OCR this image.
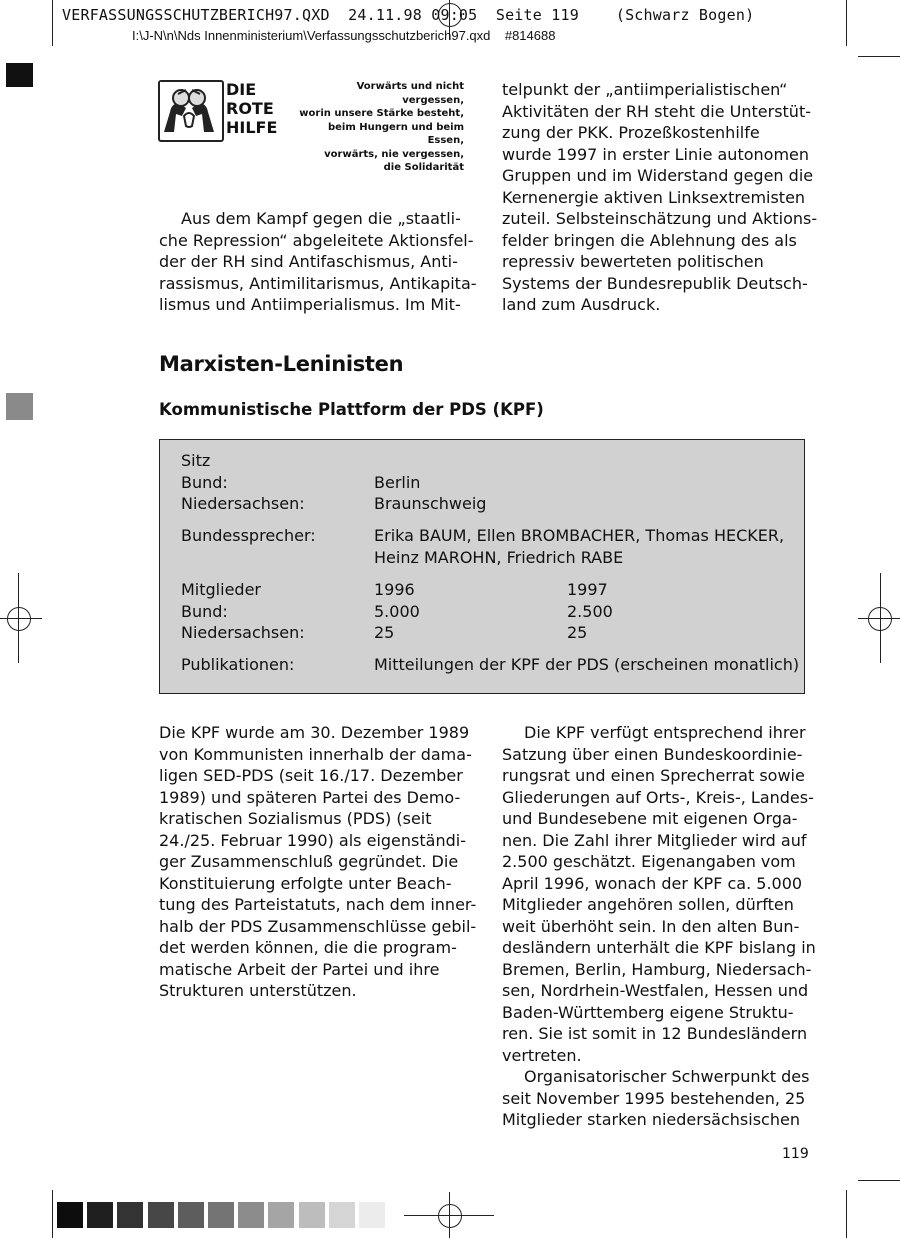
VERFASSUNGSSCHUTZBERICH97.QXD  24.11.98 09:05  Seite 119    (Schwarz Bogen)
I:\J-N\n\Nds Innenministerium\Verfassungsschutzberich97.qxd    #814688
DIE
ROTE
HILFE
Vorwärts und nicht vergessen,
worin unsere Stärke besteht,
beim Hungern und beim Essen,
vorwärts, nie vergessen,
die Solidarität
Aus dem Kampf gegen die „staatli-
che Repression“ abgeleitete Aktionsfel-
der der RH sind Antifaschismus, Anti-
rassismus, Antimilitarismus, Antikapita-
lismus und Antiimperialismus. Im Mit-
telpunkt der „antiimperialistischen“
Aktivitäten der RH steht die Unterstüt-
zung der PKK. Prozeßkostenhilfe
wurde 1997 in erster Linie autonomen
Gruppen und im Widerstand gegen die
Kernenergie aktiven Linksextremisten
zuteil. Selbsteinschätzung und Aktions-
felder bringen die Ablehnung des als
repressiv bewerteten politischen
Systems der Bundesrepublik Deutsch-
land zum Ausdruck.
Marxisten-Leninisten
Kommunistische Plattform der PDS (KPF)
Sitz
Bund:	Berlin
Niedersachsen:	Braunschweig
Bundessprecher:	Erika BAUM, Ellen BROMBACHER, Thomas HECKER,
Heinz MAROHN, Friedrich RABE
Mitglieder	1996	1997
Bund:	5.000	2.500
Niedersachsen:	25	25
Publikationen:	Mitteilungen der KPF der PDS (erscheinen monatlich)
Die KPF wurde am 30. Dezember 1989
von Kommunisten innerhalb der dama-
ligen SED-PDS (seit 16./17. Dezember
1989) und späteren Partei des Demo-
kratischen Sozialismus (PDS) (seit
24./25. Februar 1990) als eigenständi-
ger Zusammenschluß gegründet. Die
Konstituierung erfolgte unter Beach-
tung des Parteistatuts, nach dem inner-
halb der PDS Zusammenschlüsse gebil-
det werden können, die die program-
matische Arbeit der Partei und ihre
Strukturen unterstützen.
Die KPF verfügt entsprechend ihrer
Satzung über einen Bundeskoordinie-
rungsrat und einen Sprecherrat sowie
Gliederungen auf Orts-, Kreis-, Landes-
und Bundesebene mit eigenen Orga-
nen. Die Zahl ihrer Mitglieder wird auf
2.500 geschätzt. Eigenangaben vom
April 1996, wonach der KPF ca. 5.000
Mitglieder angehören sollen, dürften
weit überhöht sein. In den alten Bun-
desländern unterhält die KPF bislang in
Bremen, Berlin, Hamburg, Niedersach-
sen, Nordrhein-Westfalen, Hessen und
Baden-Württemberg eigene Struktu-
ren. Sie ist somit in 12 Bundesländern
vertreten.
Organisatorischer Schwerpunkt des
seit November 1995 bestehenden, 25
Mitglieder starken niedersächsischen
119
